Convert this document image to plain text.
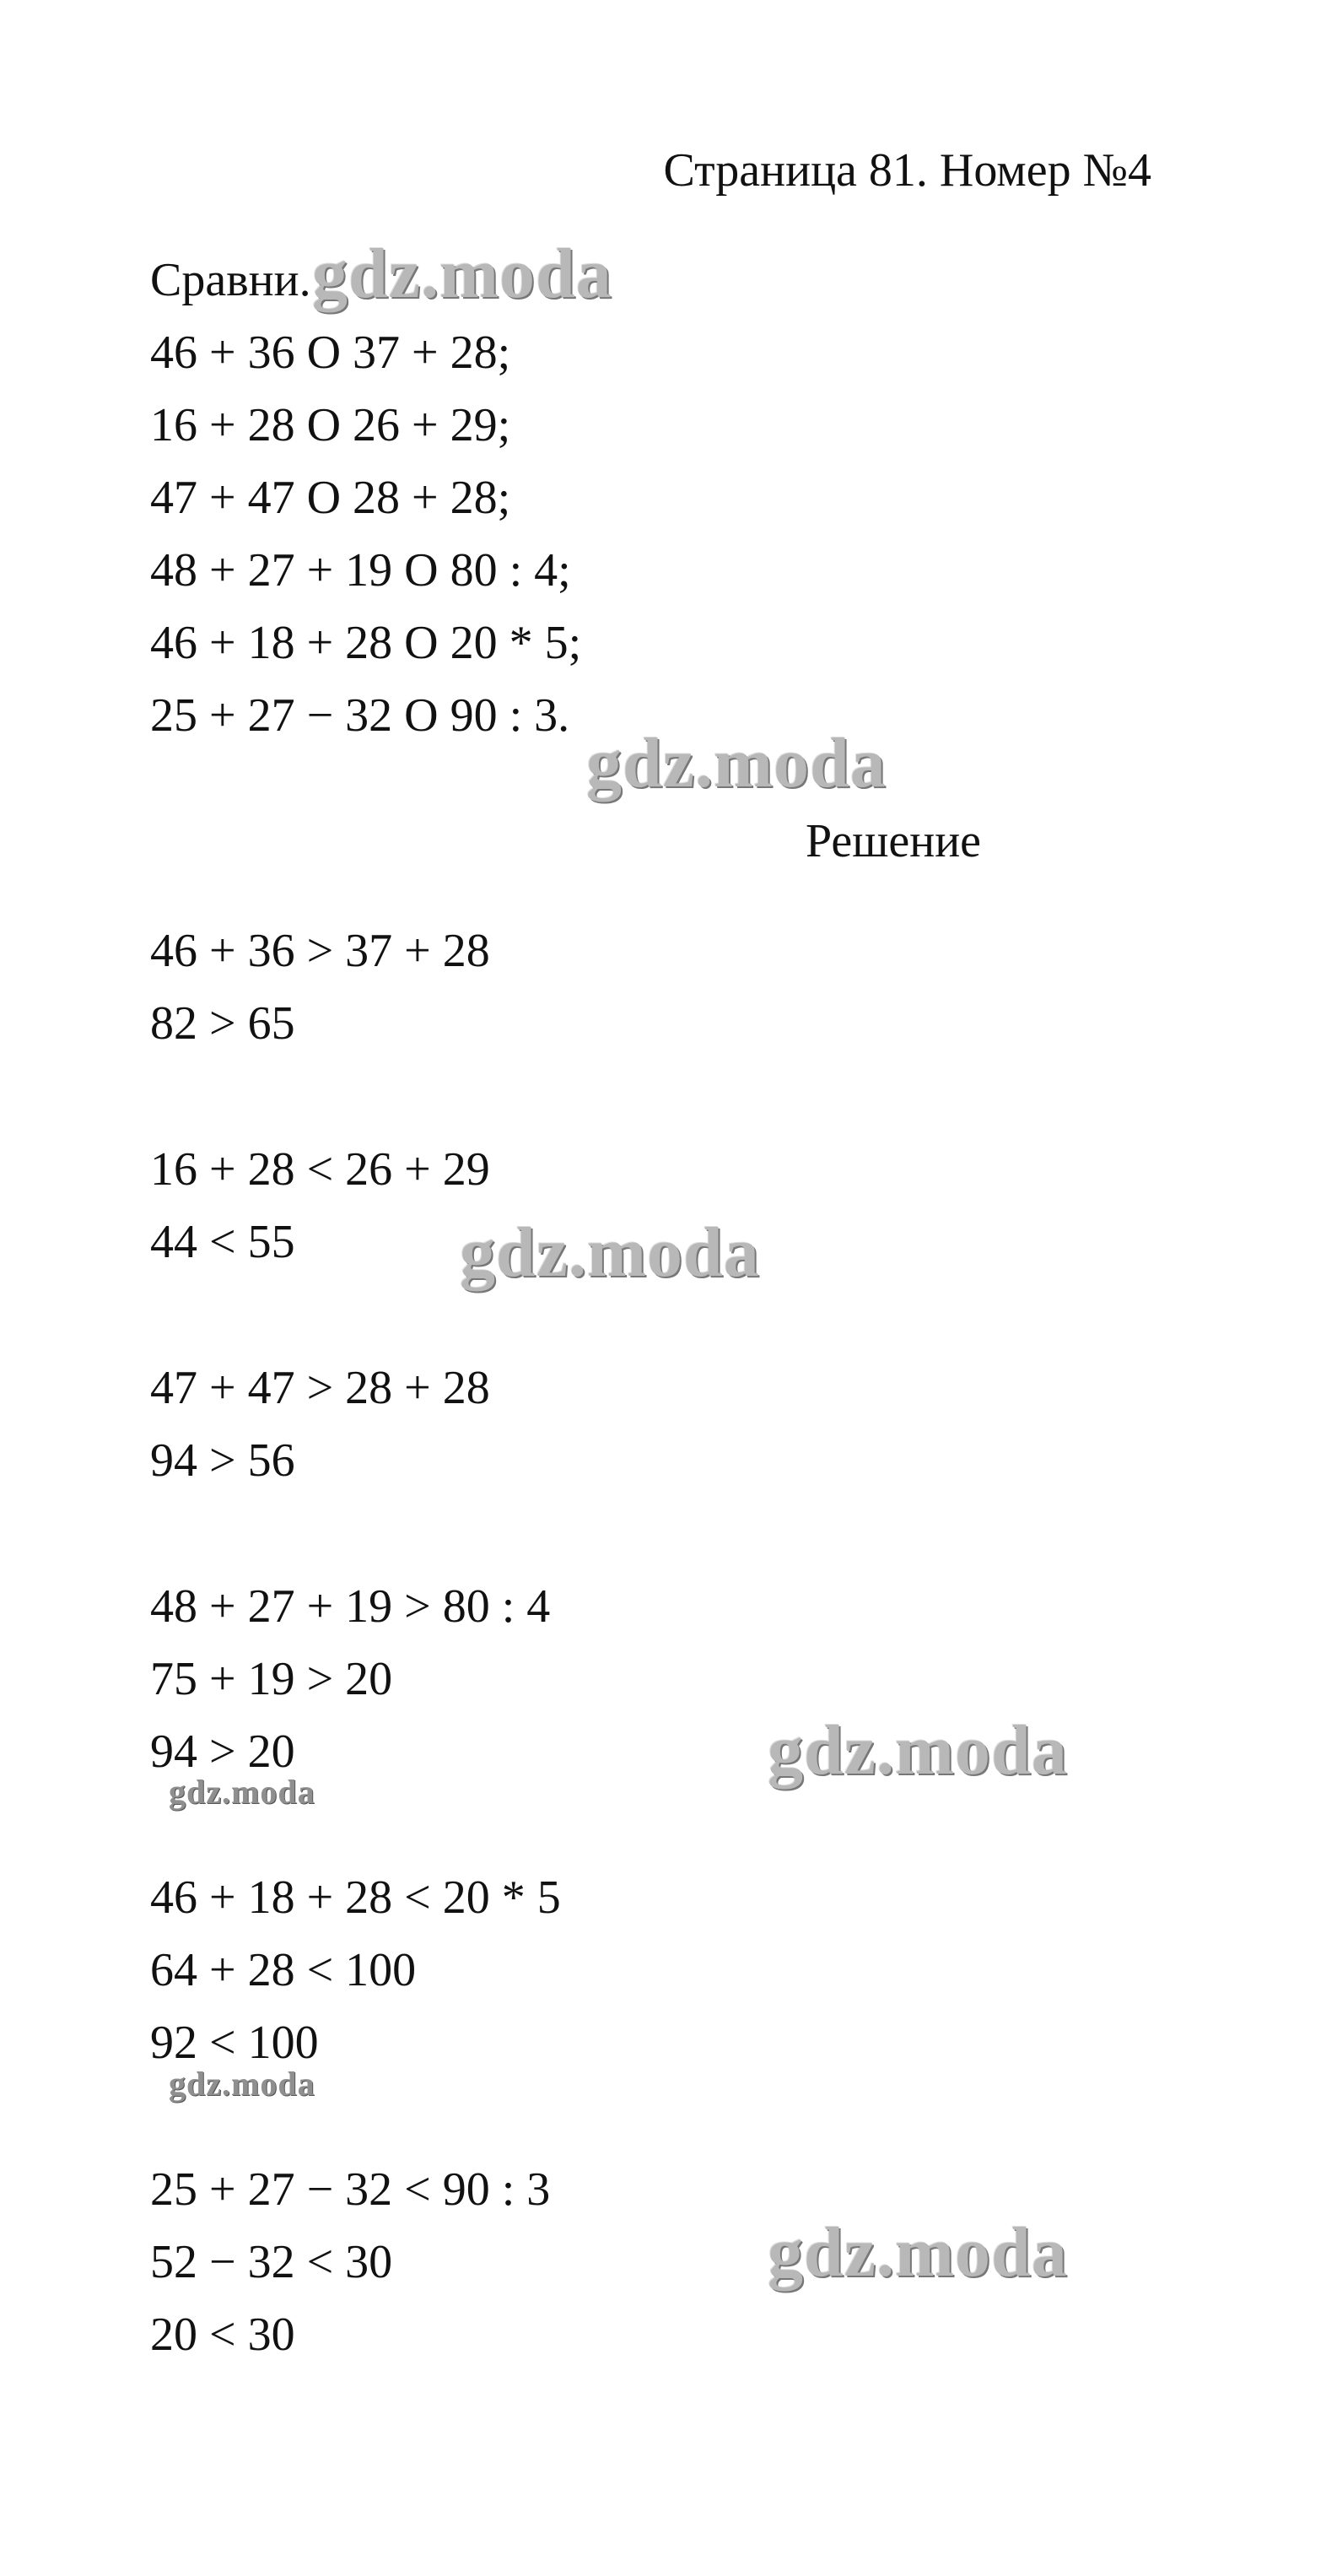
Страница 81. Номер №4
Сравни.
46 + 36 O 37 + 28;
16 + 28 O 26 + 29;
47 + 47 O 28 + 28;
48 + 27 + 19 O 80 : 4;
46 + 18 + 28 O 20 * 5;
25 + 27 − 32 O 90 : 3.
Решение
46 + 36 > 37 + 28
82 > 65
16 + 28 < 26 + 29
44 < 55
47 + 47 > 28 + 28
94 > 56
48 + 27 + 19 > 80 : 4
75 + 19 > 20
94 > 20
46 + 18 + 28 < 20 * 5
64 + 28 < 100
92 < 100
25 + 27 − 32 < 90 : 3
52 − 32 < 30
20 < 30
gdz.moda
gdz.moda
gdz.moda
gdz.moda
gdz.moda
gdz.moda
gdz.moda
